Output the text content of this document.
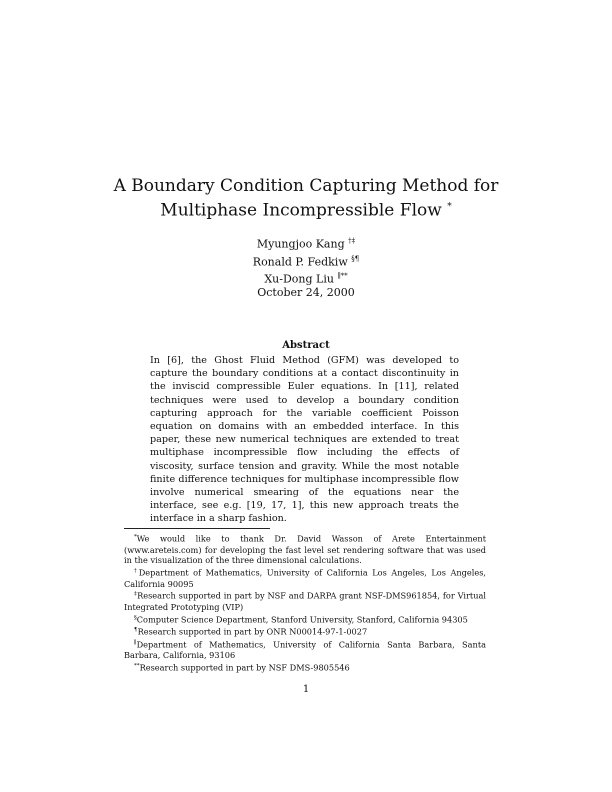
A Boundary Condition Capturing Method for
Multiphase Incompressible Flow *
Myungjoo Kang †‡
Ronald P. Fedkiw §¶
Xu-Dong Liu ∥**
October 24, 2000
Abstract
In [6], the Ghost Fluid Method (GFM) was developed to capture the boundary conditions at a contact discontinuity in the inviscid compressible Euler equations. In [11], related techniques were used to develop a boundary condition capturing approach for the variable coefficient Poisson equation on domains with an embedded interface. In this paper, these new numerical techniques are extended to treat multiphase incompressible flow including the effects of viscosity, surface tension and gravity. While the most notable finite difference techniques for multiphase incompressible flow involve numerical smearing of the equations near the interface, see e.g. [19, 17, 1], this new approach treats the interface in a sharp fashion.

*We would like to thank Dr. David Wasson of Arete Entertainment (www.areteis.com) for developing the fast level set rendering software that was used in the visualization of the three dimensional calculations.

†Department of Mathematics, University of California Los Angeles, Los Angeles, California 90095

‡Research supported in part by NSF and DARPA grant NSF-DMS961854, for Virtual Integrated Prototyping (VIP)

§Computer Science Department, Stanford University, Stanford, California 94305

¶Research supported in part by ONR N00014-97-1-0027

∥Department of Mathematics, University of California Santa Barbara, Santa Barbara, California, 93106

**Research supported in part by NSF DMS-9805546

1
